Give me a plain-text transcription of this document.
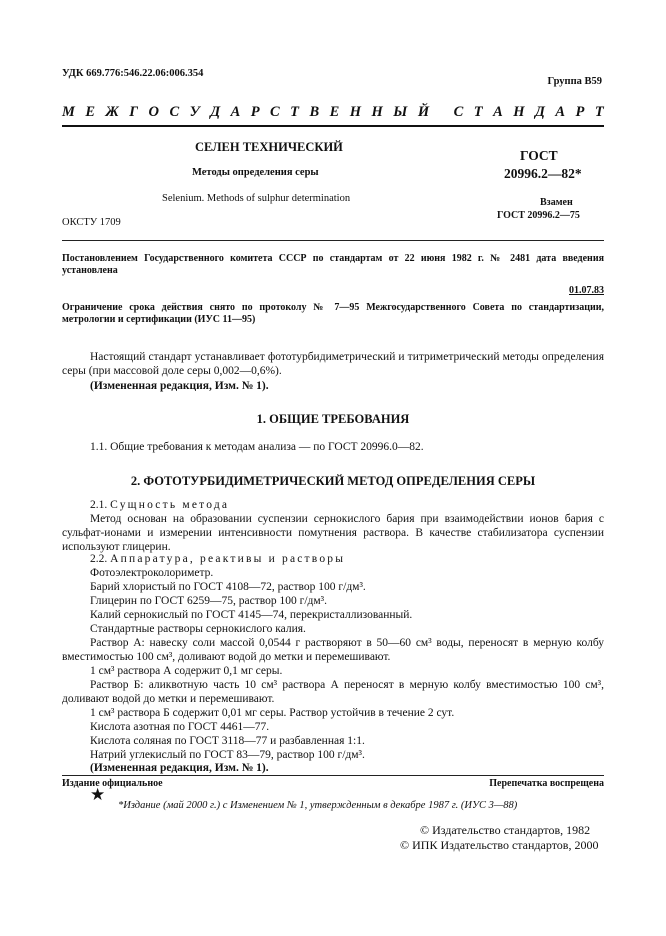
УДК 669.776:546.22.06:006.354
Группа В59
М Е Ж Г О С У Д А Р С Т В Е Н Н Ы Й
С Т А Н Д А Р Т
СЕЛЕН ТЕХНИЧЕСКИЙ
Методы определения серы
ГОСТ
20996.2—82*
Selenium. Methods of sulphur determination	Взамен
ГОСТ 20996.2—75
ОКСТУ 1709
Постановлением Государственного комитета СССР по стандартам от 22 июня 1982 г. № 2481 дата введения установлена
01.07.83
Ограничение срока действия снято по протоколу № 7—95 Межгосударственного Совета по стандартизации, метрологии и сертификации (ИУС 11—95)
Настоящий стандарт устанавливает фототурбидиметрический и титриметрический методы определения серы (при массовой доле серы 0,002—0,6%).
(Измененная редакция, Изм. № 1).
1. ОБЩИЕ ТРЕБОВАНИЯ
1.1. Общие требования к методам анализа — по ГОСТ 20996.0—82.
2. ФОТОТУРБИДИМЕТРИЧЕСКИЙ МЕТОД ОПРЕДЕЛЕНИЯ СЕРЫ
2.1. Сущность метода
Метод основан на образовании суспензии сернокислого бария при взаимодействии ионов бария с сульфат-ионами и измерении интенсивности помутнения раствора. В качестве стабилизатора суспензии используют глицерин.
2.2. Аппаратура, реактивы и растворы
Фотоэлектроколориметр.
Барий хлористый по ГОСТ 4108—72, раствор 100 г/дм³.
Глицерин по ГОСТ 6259—75, раствор 100 г/дм³.
Калий сернокислый по ГОСТ 4145—74, перекристаллизованный.
Стандартные растворы сернокислого калия.
Раствор А: навеску соли массой 0,0544 г растворяют в 50—60 см³ воды, переносят в мерную колбу вместимостью 100 см³, доливают водой до метки и перемешивают.
1 см³ раствора А содержит 0,1 мг серы.
Раствор Б: аликвотную часть 10 см³ раствора А переносят в мерную колбу вместимостью 100 см³, доливают водой до метки и перемешивают.
1 см³ раствора Б содержит 0,01 мг серы. Раствор устойчив в течение 2 сут.
Кислота азотная по ГОСТ 4461—77.
Кислота соляная по ГОСТ 3118—77 и разбавленная 1:1.
Натрий углекислый по ГОСТ 83—79, раствор 100 г/дм³.
(Измененная редакция, Изм. № 1).
Издание официальное	Перепечатка воспрещена
★
*Издание (май 2000 г.) с Изменением № 1, утвержденным в декабре 1987 г. (ИУС 3—88)
© Издательство стандартов, 1982
© ИПК Издательство стандартов, 2000
